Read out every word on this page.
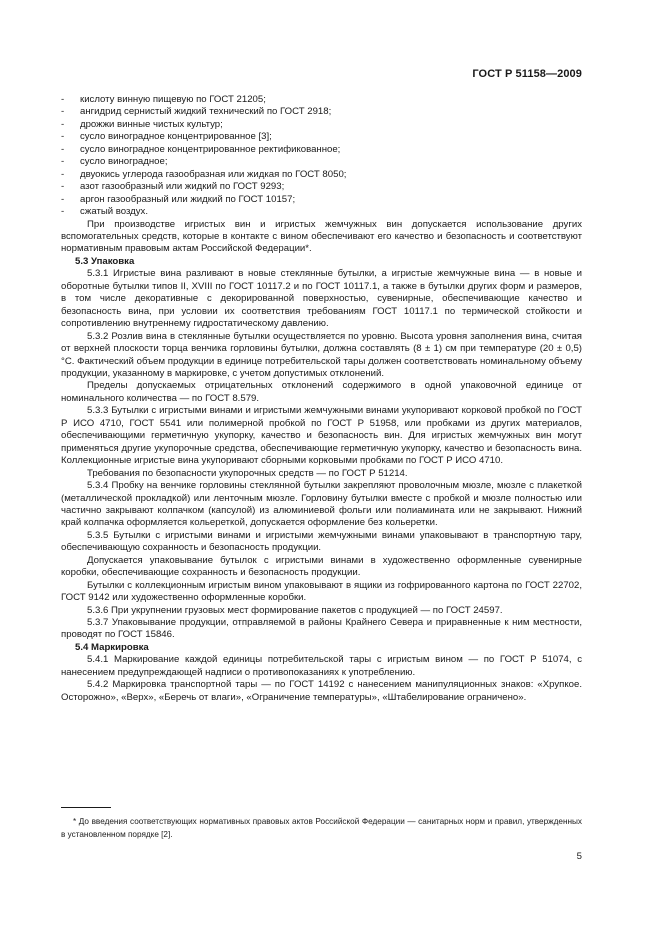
ГОСТ Р 51158—2009
- кислоту винную пищевую по ГОСТ 21205;
- ангидрид сернистый жидкий технический по ГОСТ 2918;
- дрожжи винные чистых культур;
- сусло виноградное концентрированное [3];
- сусло виноградное концентрированное ректификованное;
- сусло виноградное;
- двуокись углерода газообразная или жидкая по ГОСТ 8050;
- азот газообразный или жидкий по ГОСТ 9293;
- аргон газообразный или жидкий по ГОСТ 10157;
- сжатый воздух.

При производстве игристых вин и игристых жемчужных вин допускается использование других вспомогательных средств, которые в контакте с вином обеспечивают его качество и безопасность и соответствуют нормативным правовым актам Российской Федерации*.

5.3 Упаковка

5.3.1 Игристые вина разливают в новые стеклянные бутылки, а игристые жемчужные вина — в новые и оборотные бутылки типов II, XVIII по ГОСТ 10117.2 и по ГОСТ 10117.1, а также в бутылки других форм и размеров, в том числе декоративные с декорированной поверхностью, сувенирные, обеспечивающие качество и безопасность вина, при условии их соответствия требованиям ГОСТ 10117.1 по термической стойкости и сопротивлению внутреннему гидростатическому давлению.

5.3.2 Розлив вина в стеклянные бутылки осуществляется по уровню. Высота уровня заполнения вина, считая от верхней плоскости торца венчика горловины бутылки, должна составлять (8 ± 1) см при температуре (20 ± 0,5) °С. Фактический объем продукции в единице потребительской тары должен соответствовать номинальному объему продукции, указанному в маркировке, с учетом допустимых отклонений.

Пределы допускаемых отрицательных отклонений содержимого в одной упаковочной единице от номинального количества — по ГОСТ 8.579.

5.3.3 Бутылки с игристыми винами и игристыми жемчужными винами укупоривают корковой пробкой по ГОСТ Р ИСО 4710, ГОСТ 5541 или полимерной пробкой по ГОСТ Р 51958, или пробками из других материалов, обеспечивающими герметичную укупорку, качество и безопасность вин. Для игристых жемчужных вин могут применяться другие укупорочные средства, обеспечивающие герметичную укупорку, качество и безопасность вина. Коллекционные игристые вина укупоривают сборными корковыми пробками по ГОСТ Р ИСО 4710.

Требования по безопасности укупорочных средств — по ГОСТ Р 51214.

5.3.4 Пробку на венчике горловины стеклянной бутылки закрепляют проволочным мюзле, мюзле с плакеткой (металлической прокладкой) или ленточным мюзле. Горловину бутылки вместе с пробкой и мюзле полностью или частично закрывают колпачком (капсулой) из алюминиевой фольги или полиамината или не закрывают. Нижний край колпачка оформляется кольереткой, допускается оформление без кольеретки.

5.3.5 Бутылки с игристыми винами и игристыми жемчужными винами упаковывают в транспортную тару, обеспечивающую сохранность и безопасность продукции.

Допускается упаковывание бутылок с игристыми винами в художественно оформленные сувенирные коробки, обеспечивающие сохранность и безопасность продукции.

Бутылки с коллекционным игристым вином упаковывают в ящики из гофрированного картона по ГОСТ 22702, ГОСТ 9142 или художественно оформленные коробки.

5.3.6 При укрупнении грузовых мест формирование пакетов с продукцией — по ГОСТ 24597.

5.3.7 Упаковывание продукции, отправляемой в районы Крайнего Севера и приравненные к ним местности, проводят по ГОСТ 15846.

5.4 Маркировка

5.4.1 Маркирование каждой единицы потребительской тары с игристым вином — по ГОСТ Р 51074, с нанесением предупреждающей надписи о противопоказаниях к употреблению.

5.4.2 Маркировка транспортной тары — по ГОСТ 14192 с нанесением манипуляционных знаков: «Хрупкое. Осторожно», «Верх», «Беречь от влаги», «Ограничение температуры», «Штабелирование ограничено».

* До введения соответствующих нормативных правовых актов Российской Федерации — санитарных норм и правил, утвержденных в установленном порядке [2].
5
